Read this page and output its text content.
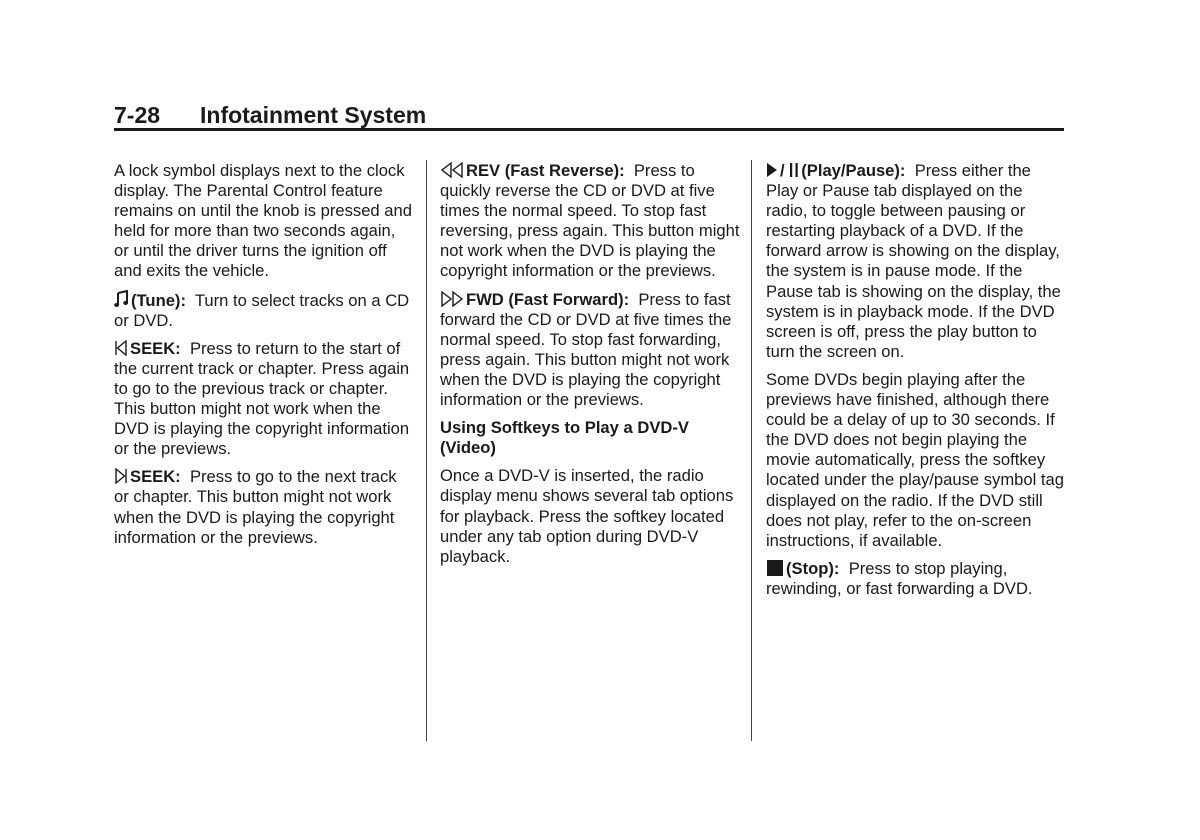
7-28 Infotainment System

A lock symbol displays next to the clock display. The Parental Control feature remains on until the knob is pressed and held for more than two seconds again, or until the driver turns the ignition off and exits the vehicle.

(Tune): Turn to select tracks on a CD or DVD.

SEEK: Press to return to the start of the current track or chapter. Press again to go to the previous track or chapter. This button might not work when the DVD is playing the copyright information or the previews.

SEEK: Press to go to the next track or chapter. This button might not work when the DVD is playing the copyright information or the previews.

REV (Fast Reverse): Press to quickly reverse the CD or DVD at five times the normal speed. To stop fast reversing, press again. This button might not work when the DVD is playing the copyright information or the previews.

FWD (Fast Forward): Press to fast forward the CD or DVD at five times the normal speed. To stop fast forwarding, press again. This button might not work when the DVD is playing the copyright information or the previews.

Using Softkeys to Play a DVD-V (Video)

Once a DVD-V is inserted, the radio display menu shows several tab options for playback. Press the softkey located under any tab option during DVD-V playback.

/ (Play/Pause): Press either the Play or Pause tab displayed on the radio, to toggle between pausing or restarting playback of a DVD. If the forward arrow is showing on the display, the system is in pause mode. If the Pause tab is showing on the display, the system is in playback mode. If the DVD screen is off, press the play button to turn the screen on.

Some DVDs begin playing after the previews have finished, although there could be a delay of up to 30 seconds. If the DVD does not begin playing the movie automatically, press the softkey located under the play/pause symbol tag displayed on the radio. If the DVD still does not play, refer to the on-screen instructions, if available.

(Stop): Press to stop playing, rewinding, or fast forwarding a DVD.
